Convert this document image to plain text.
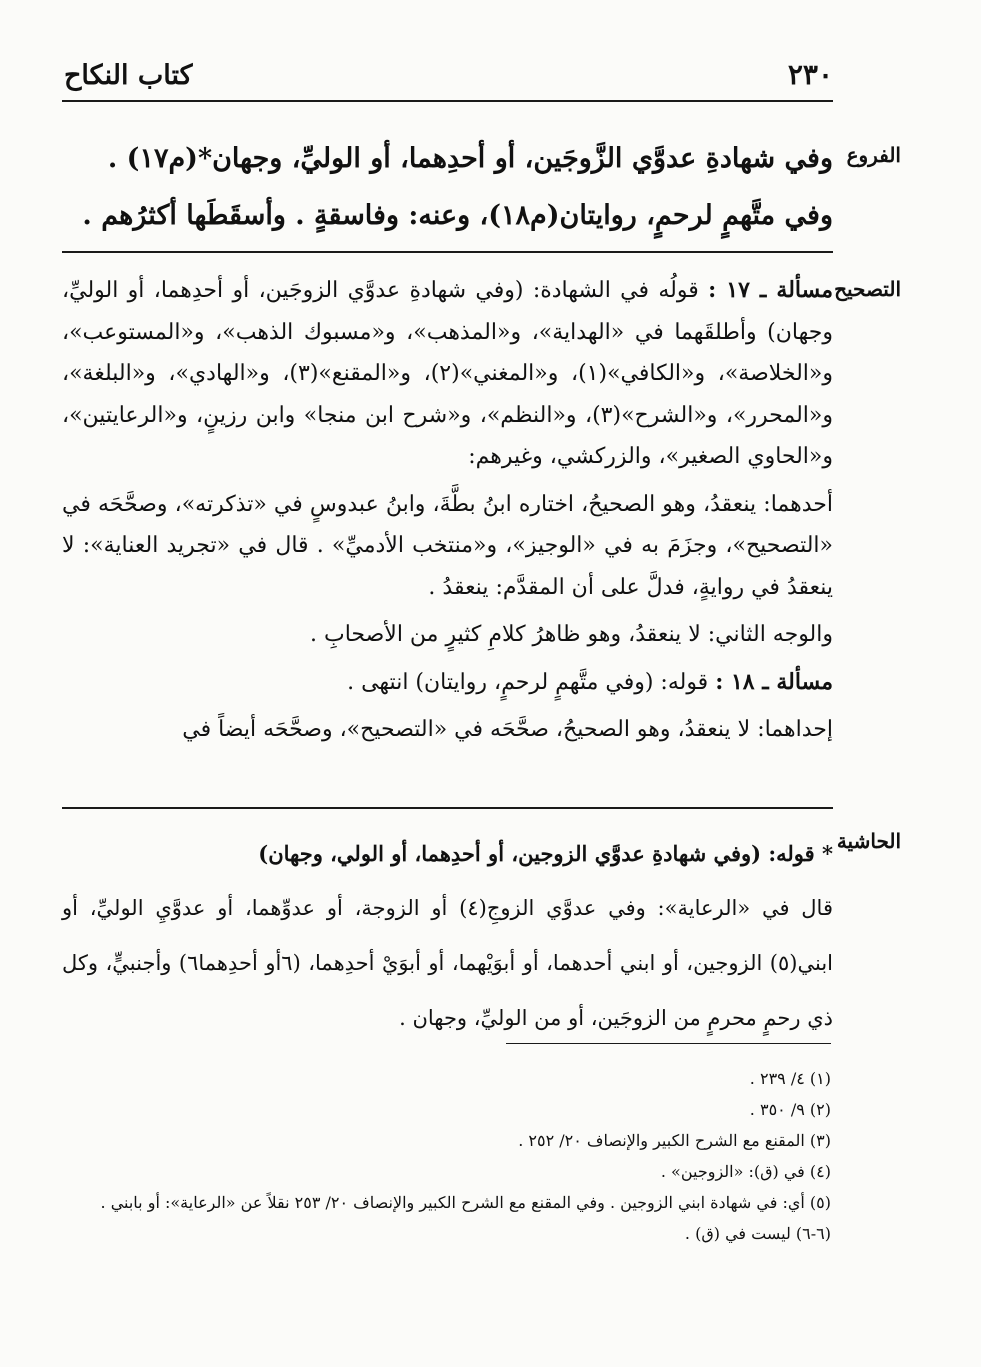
كتاب النكاح	٢٣٠
الفروع

وفي شهادةِ عدوَّي الزَّوجَين، أو أحدِهما، أو الوليِّ، وجهان*(م١٧) .

وفي متَّهمٍ لرحمٍ، روايتان(م١٨)، وعنه: وفاسقةٍ . وأسقَطَها أكثرُهم .

التصحيح

مسألة ـ ١٧ : قولُه في الشهادة: (وفي شهادةِ عدوَّي الزوجَين، أو أحدِهما، أو الوليِّ، وجهان) وأطلقَهما في «الهداية»، و«المذهب»، و«مسبوك الذهب»، و«المستوعب»، و«الخلاصة»، و«الكافي»(١)، و«المغني»(٢)، و«المقنع»(٣)، و«الهادي»، و«البلغة»، و«المحرر»، و«الشرح»(٣)، و«النظم»، و«شرح ابن منجا» وابن رزينٍ، و«الرعايتين»، و«الحاوي الصغير»، والزركشي، وغيرهم:

أحدهما: ينعقدُ، وهو الصحيحُ، اختاره ابنُ بطَّةَ، وابنُ عبدوسٍ في «تذكرته»، وصحَّحَه في «التصحيح»، وجزَمَ به في «الوجيز»، و«منتخب الأدميِّ» . قال في «تجريد العناية»: لا ينعقدُ في روايةٍ، فدلَّ على أن المقدَّم: ينعقدُ .

والوجه الثاني: لا ينعقدُ، وهو ظاهرُ كلامِ كثيرٍ من الأصحابِ .

مسألة ـ ١٨ : قوله: (وفي متَّهمٍ لرحمٍ، روايتان) انتهى .

إحداهما: لا ينعقدُ، وهو الصحيحُ، صحَّحَه في «التصحيح»، وصحَّحَه أيضاً في

الحاشية

* قوله: (وفي شهادةِ عدوَّي الزوجين، أو أحدِهما، أو الولي، وجهان)

قال في «الرعاية»: وفي عدوَّي الزوجِ(٤) أو الزوجة، أو عدوِّهما، أو عدوَّيِ الوليِّ، أو ابني(٥) الزوجين، أو ابني أحدهما، أو أبوَيْهما، أو أبوَيْ أحدِهما، (٦أو أحدِهما٦) وأجنبيٍّ، وكل ذي رحمٍ محرمٍ من الزوجَين، أو من الوليِّ، وجهان .

(١) ٤/ ٢٣٩ .

(٢) ٩/ ٣٥٠ .

(٣) المقنع مع الشرح الكبير والإنصاف ٢٠/ ٢٥٢ .

(٤) في (ق): «الزوجين» .

(٥) أي: في شهادة ابني الزوجين . وفي المقنع مع الشرح الكبير والإنصاف ٢٠/ ٢٥٣ نقلاً عن «الرعاية»: أو بابني .

(٦-٦) ليست في (ق) .
